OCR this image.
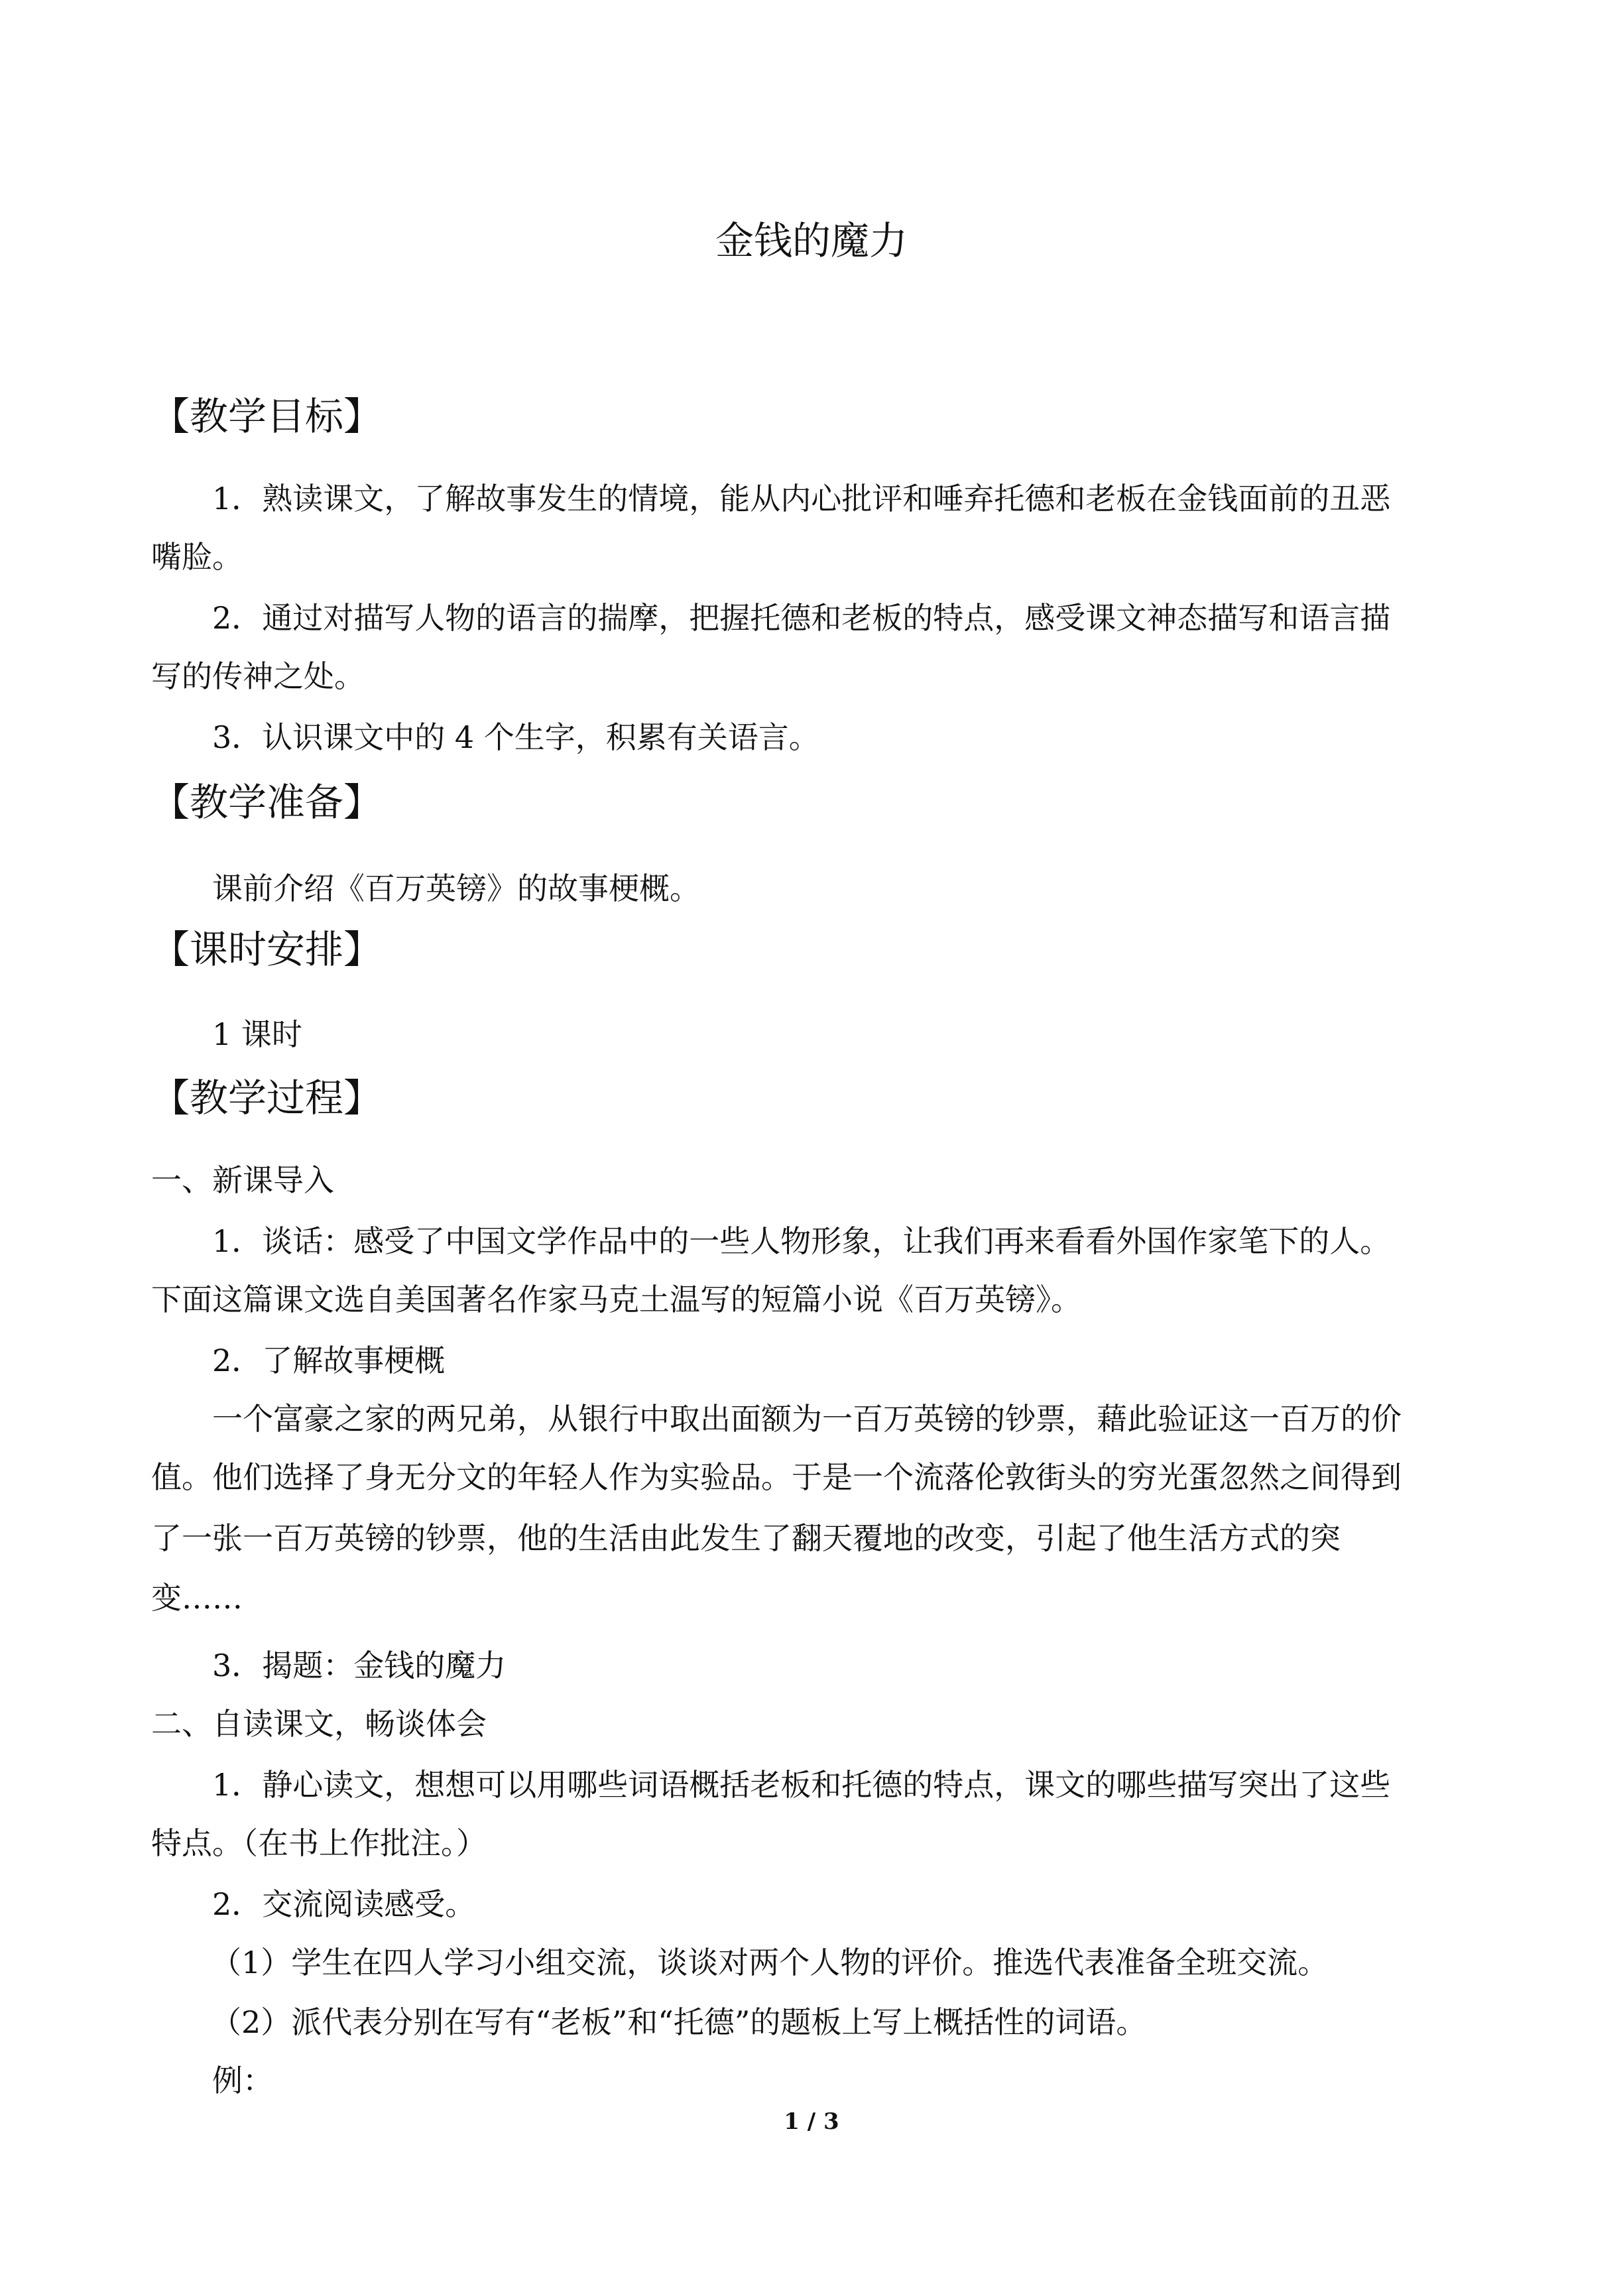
金钱的魔力
【教学目标】
1．熟读课文，了解故事发生的情境，能从内心批评和唾弃托德和老板在金钱面前的丑恶
嘴脸。
2．通过对描写人物的语言的揣摩，把握托德和老板的特点，感受课文神态描写和语言描
写的传神之处。
3．认识课文中的 4 个生字，积累有关语言。
【教学准备】
课前介绍《百万英镑》的故事梗概。
【课时安排】
1 课时
【教学过程】
一、新课导入
1．谈话：感受了中国文学作品中的一些人物形象，让我们再来看看外国作家笔下的人。
下面这篇课文选自美国著名作家马克土温写的短篇小说《百万英镑》。
2．了解故事梗概
一个富豪之家的两兄弟，从银行中取出面额为一百万英镑的钞票，藉此验证这一百万的价
值。他们选择了身无分文的年轻人作为实验品。于是一个流落伦敦街头的穷光蛋忽然之间得到
了一张一百万英镑的钞票，他的生活由此发生了翻天覆地的改变，引起了他生活方式的突
变……
3．揭题：金钱的魔力
二、自读课文，畅谈体会
1．静心读文，想想可以用哪些词语概括老板和托德的特点，课文的哪些描写突出了这些
特点。（在书上作批注。）
2．交流阅读感受。
（1）学生在四人学习小组交流，谈谈对两个人物的评价。推选代表准备全班交流。
（2）派代表分别在写有“老板”和“托德”的题板上写上概括性的词语。
例：
1 / 3
